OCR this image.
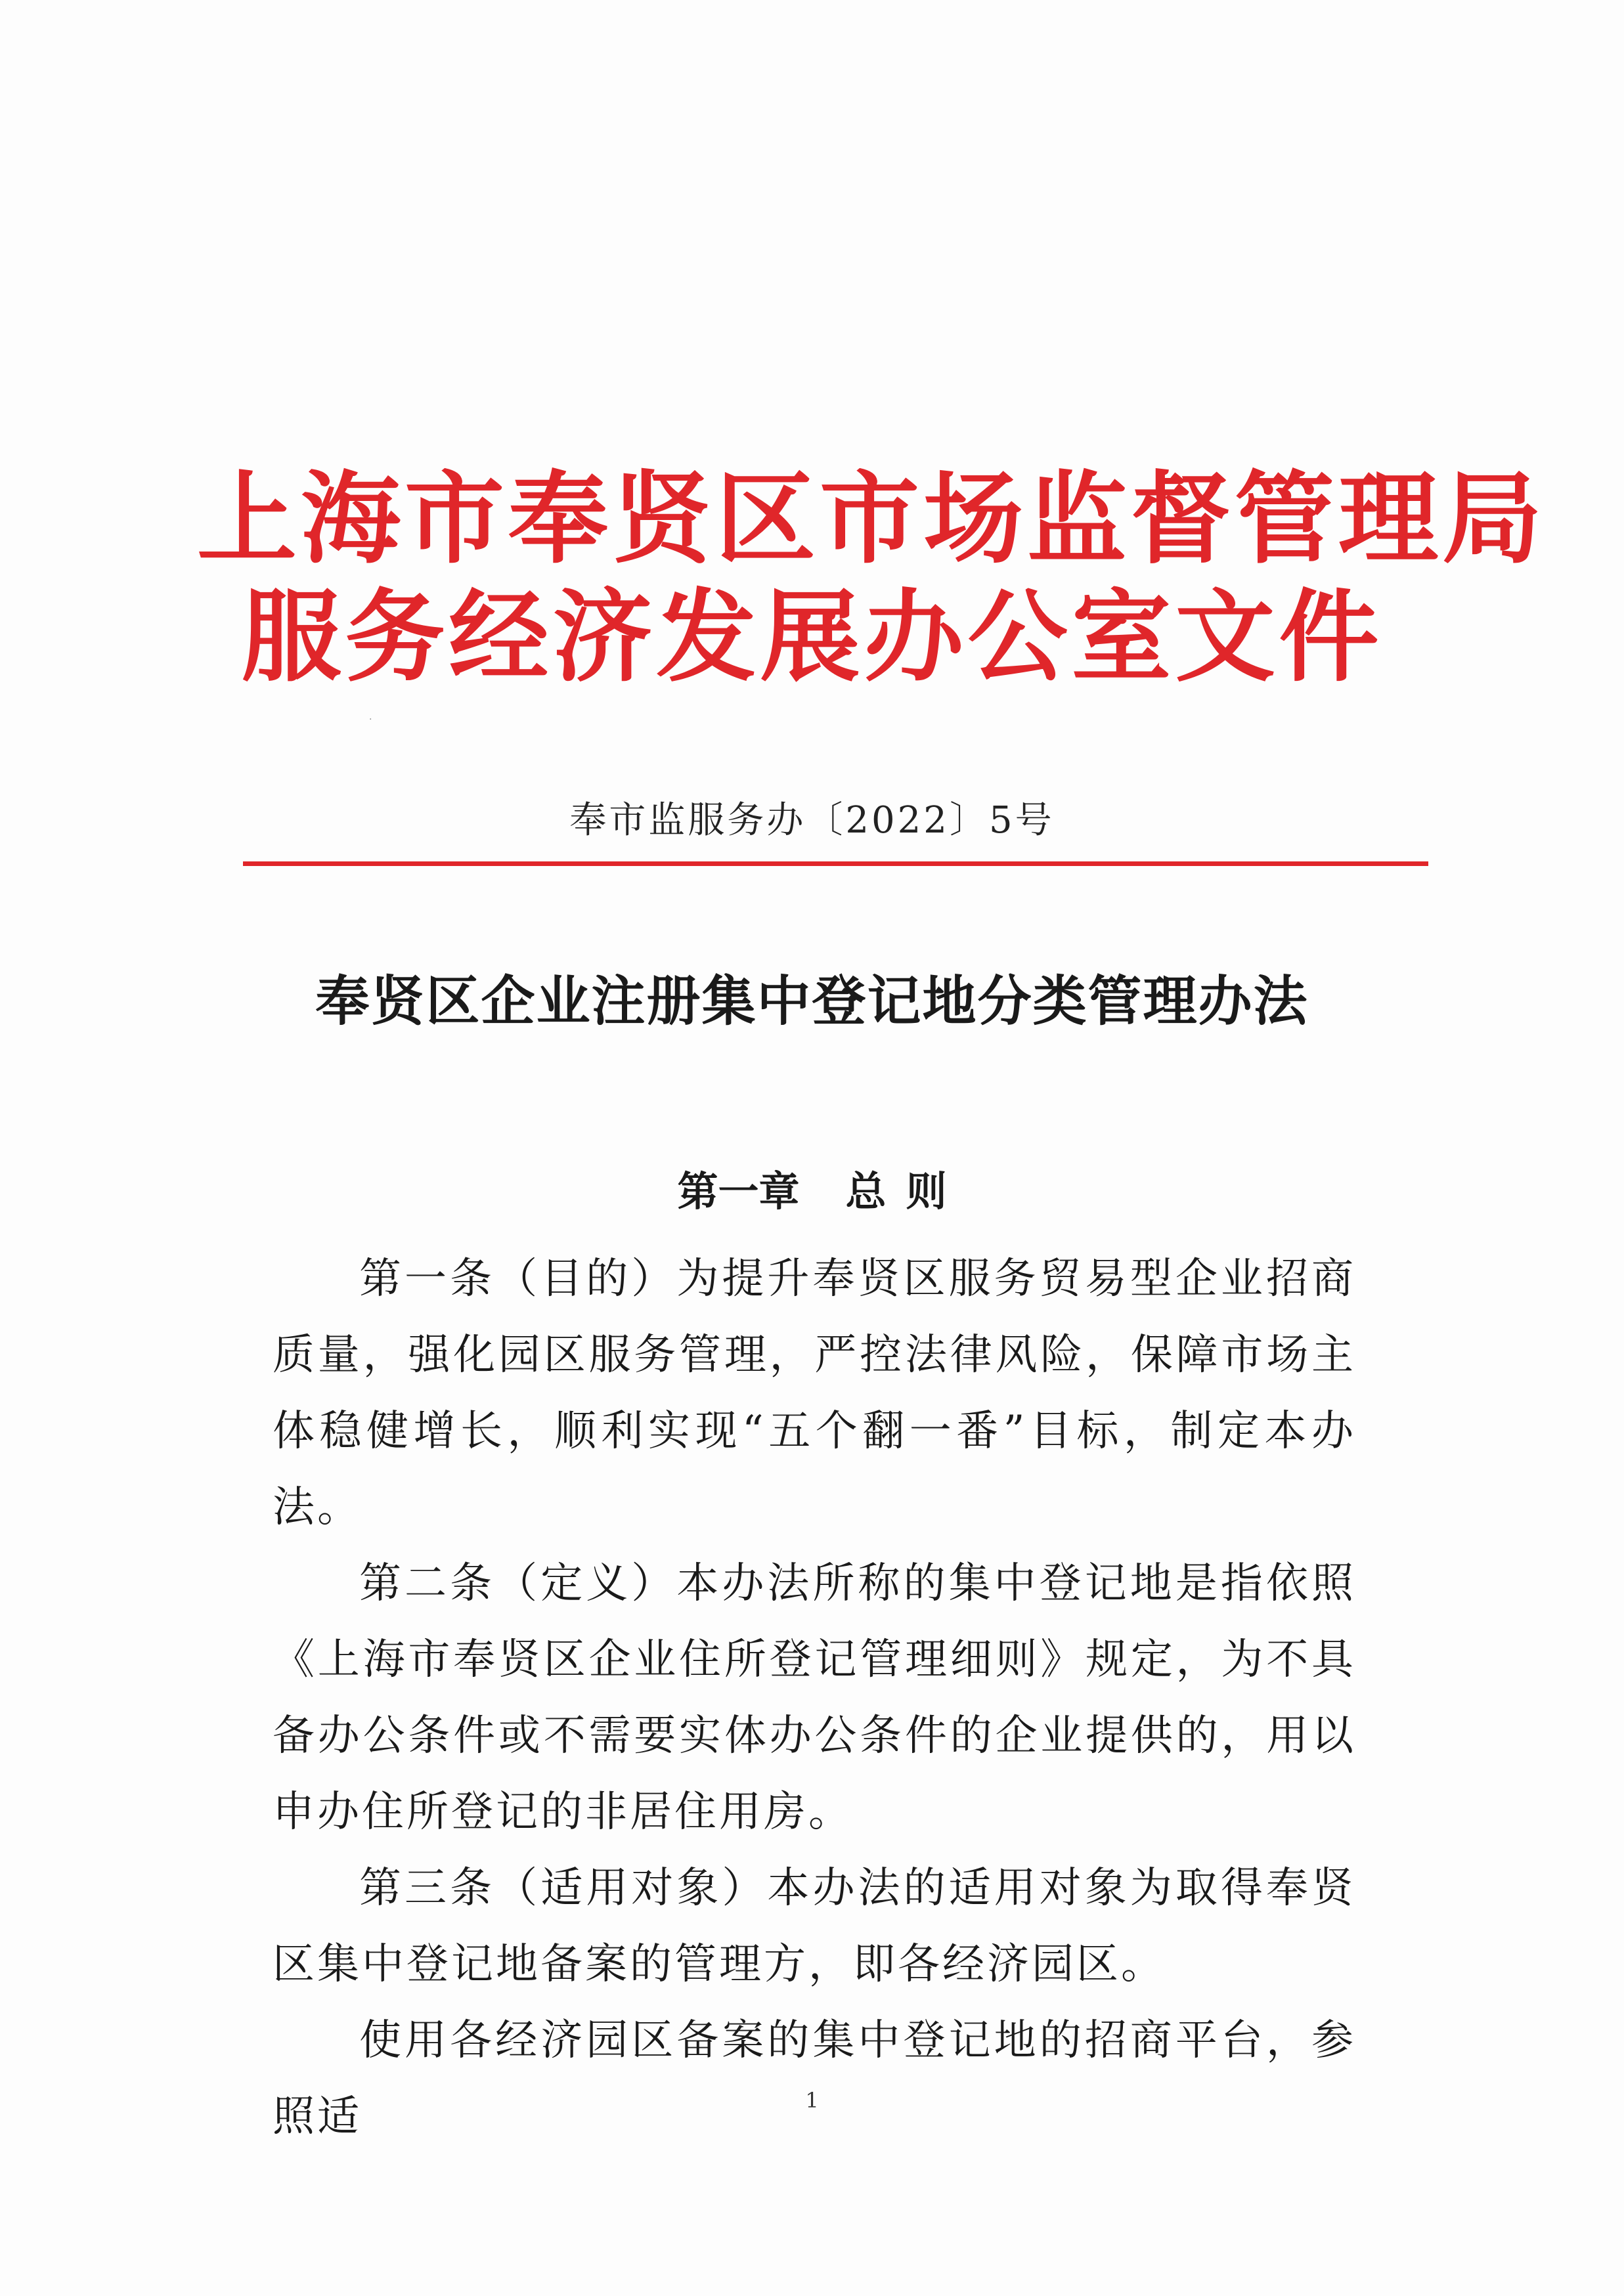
上海市奉贤区市场监督管理局
服务经济发展办公室文件
·
奉市监服务办〔2022〕5号
奉贤区企业注册集中登记地分类管理办法
第一章 总 则

第一条（目的）为提升奉贤区服务贸易型企业招商质量，强化园区服务管理，严控法律风险，保障市场主体稳健增长，顺利实现“五个翻一番”目标，制定本办法。

第二条（定义）本办法所称的集中登记地是指依照《上海市奉贤区企业住所登记管理细则》规定，为不具备办公条件或不需要实体办公条件的企业提供的，用以申办住所登记的非居住用房。

第三条（适用对象）本办法的适用对象为取得奉贤区集中登记地备案的管理方，即各经济园区。

使用各经济园区备案的集中登记地的招商平台，参照适	1
